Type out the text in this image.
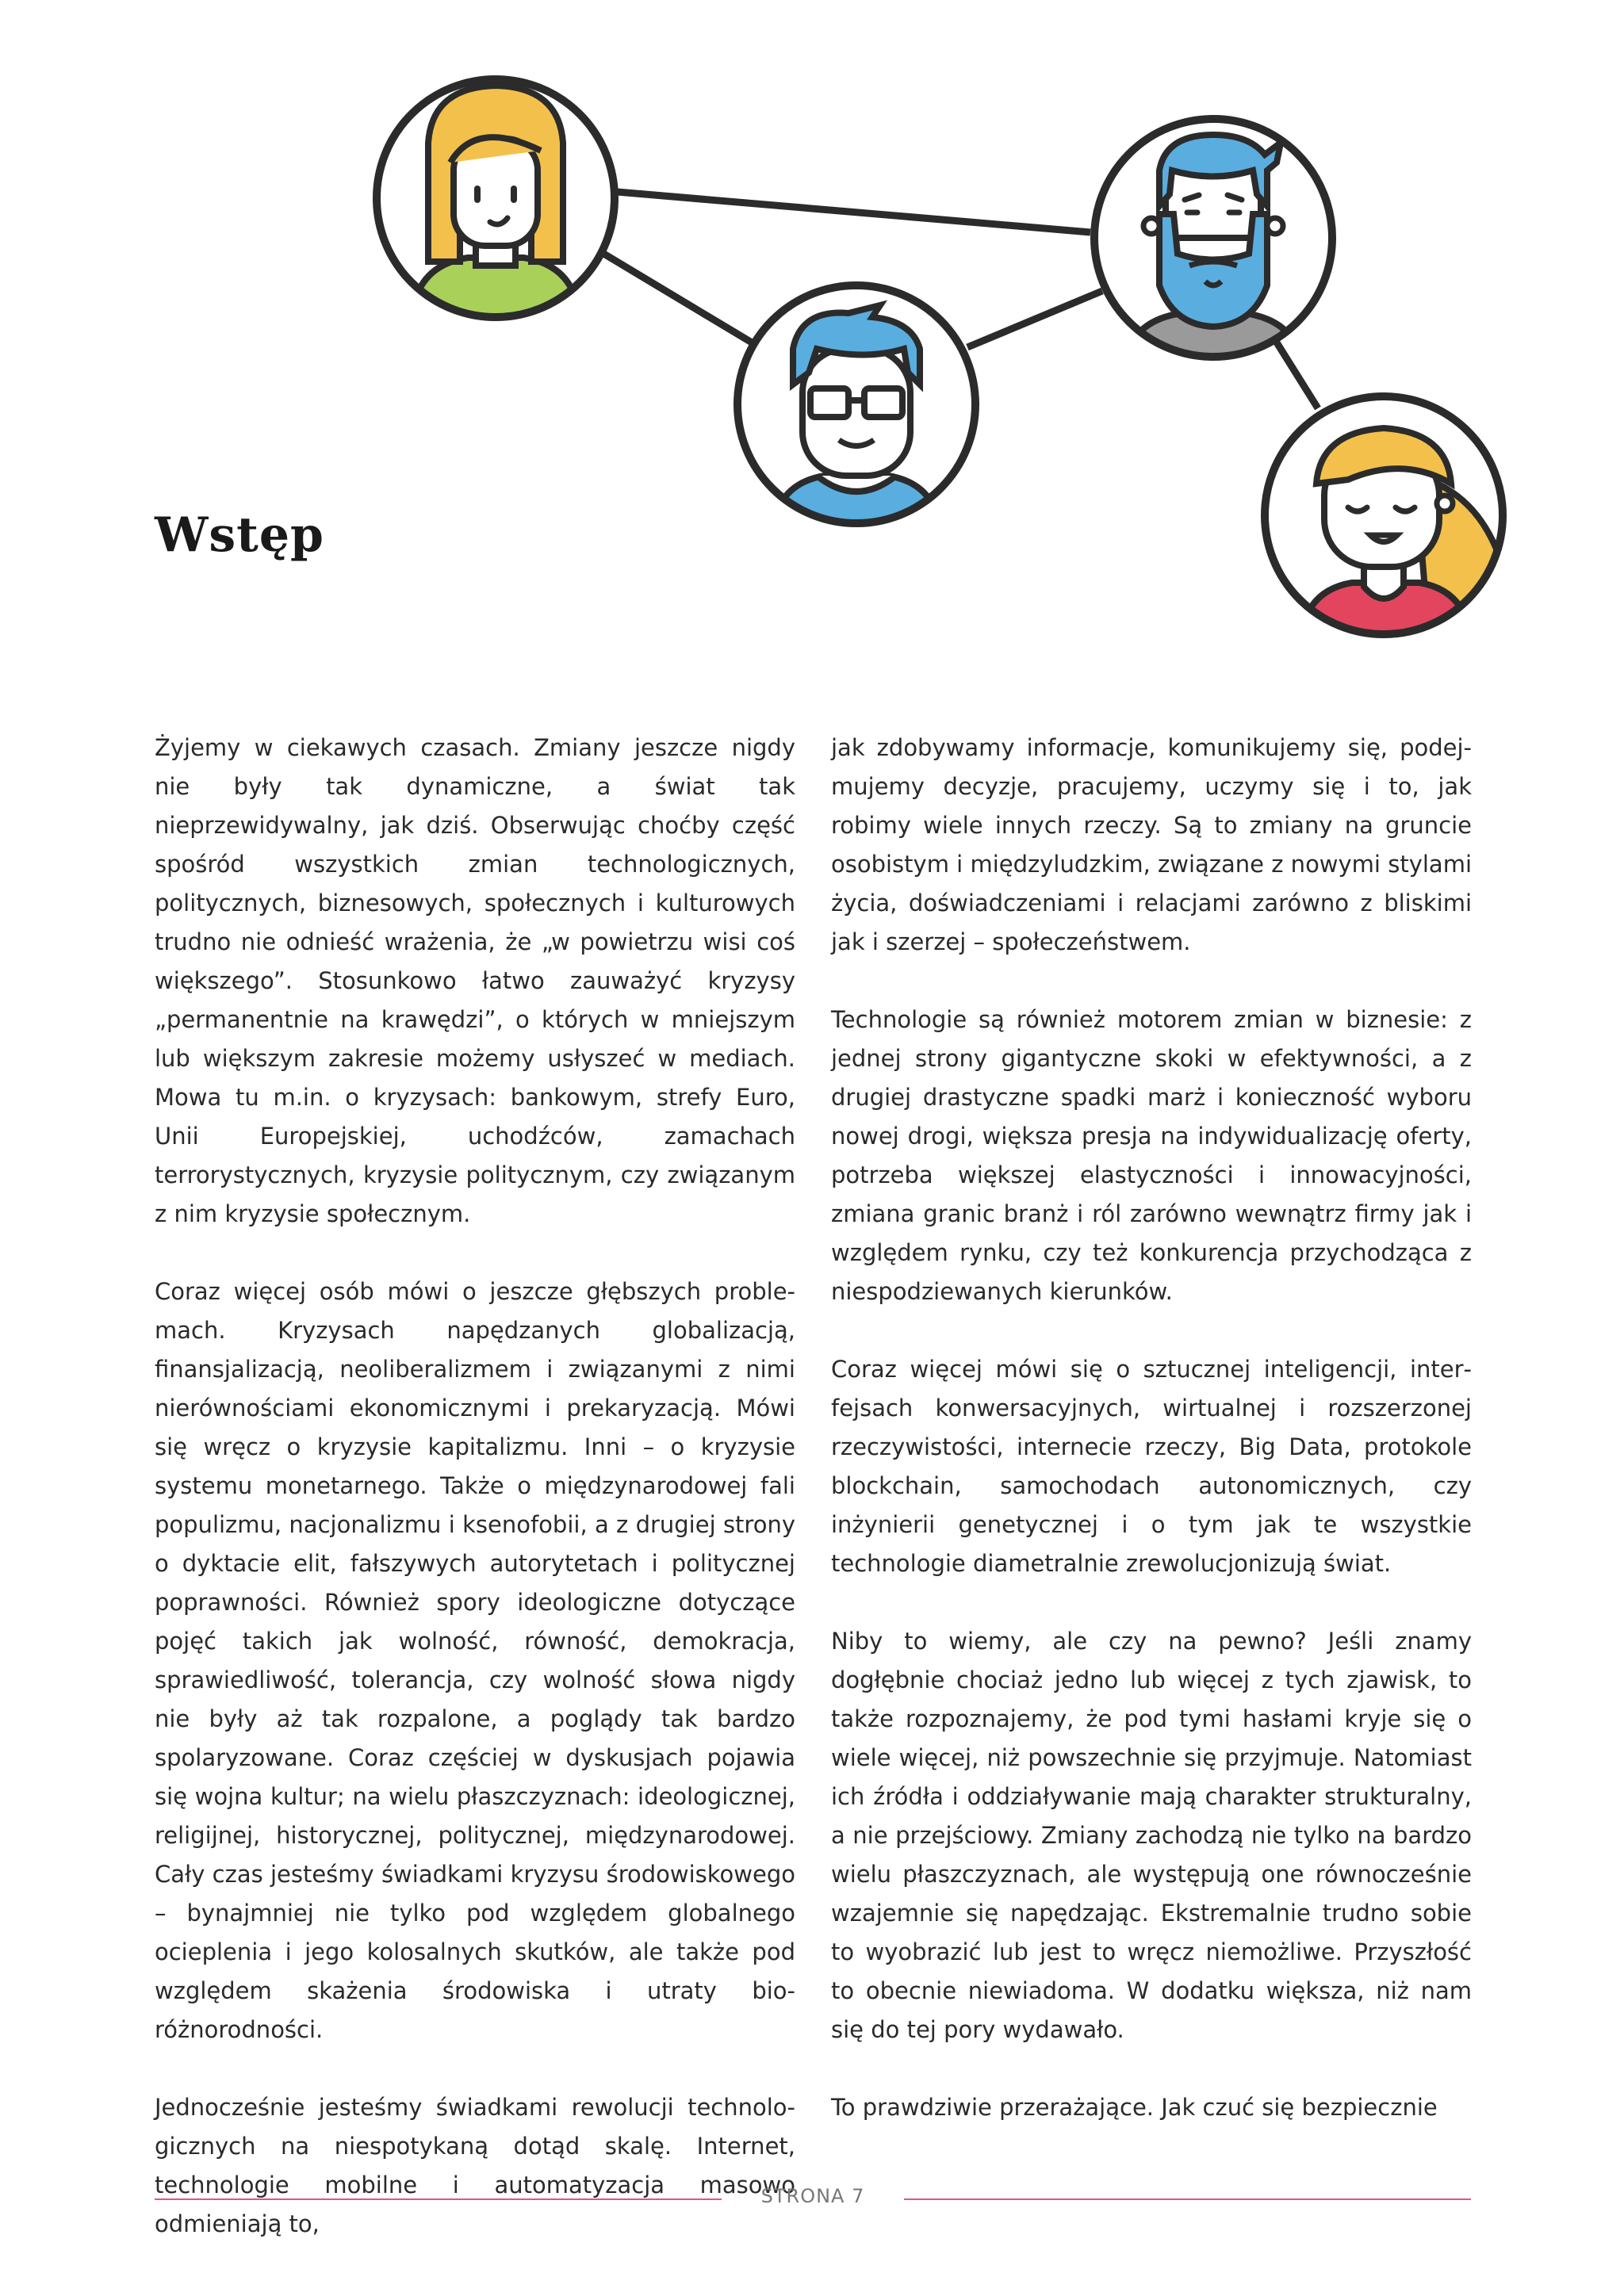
Wstęp

Żyjemy w ciekawych czasach. Zmiany jeszcze nigdy nie były tak dynamiczne, a świat tak nieprzewidywalny, jak dziś. Obserwując choćby część spośród wszystkich zmian technologicznych, politycznych, biznesowych, społecznych i kulturowych trudno nie odnieść wrażenia, że „w powietrzu wisi coś większego”. Stosunkowo łatwo zauważyć kryzysy „permanentnie na krawędzi”, o których w mniejszym lub większym zakresie możemy usłyszeć w mediach. Mowa tu m.in. o kryzysach: bankowym, strefy Euro, Unii Europejskiej, uchodźców, zamachach terrorystycznych, kryzysie politycznym, czy związanym z nim kryzysie społecznym.

Coraz więcej osób mówi o jeszcze głębszych problemach. Kryzysach napędzanych globalizacją, finansjalizacją, neoliberalizmem i związanymi z nimi nierównościami ekonomicznymi i prekaryzacją. Mówi się wręcz o kryzysie kapitalizmu. Inni – o kryzysie systemu monetarnego. Także o międzynarodowej fali populizmu, nacjonalizmu i ksenofobii, a z drugiej strony o dyktacie elit, fałszywych autorytetach i politycznej poprawności. Również spory ideologiczne dotyczące pojęć takich jak wolność, równość, demokracja, sprawiedliwość, tolerancja, czy wolność słowa nigdy nie były aż tak rozpalone, a poglądy tak bardzo spolaryzowane. Coraz częściej w dyskusjach pojawia się wojna kultur; na wielu płaszczyznach: ideologicznej, religijnej, historycznej, politycznej, międzynarodowej. Cały czas jesteśmy świadkami kryzysu środowiskowego – bynajmniej nie tylko pod względem globalnego ocieplenia i jego kolosalnych skutków, ale także pod względem skażenia środowiska i utraty bioróżnorodności.

Jednocześnie jesteśmy świadkami rewolucji technologicznych na niespotykaną dotąd skalę. Internet, technologie mobilne i automatyzacja masowo odmieniają to,

jak zdobywamy informacje, komunikujemy się, podejmujemy decyzje, pracujemy, uczymy się i to, jak robimy wiele innych rzeczy. Są to zmiany na gruncie osobistym i międzyludzkim, związane z nowymi stylami życia, doświadczeniami i relacjami zarówno z bliskimi jak i szerzej – społeczeństwem.

Technologie są również motorem zmian w biznesie: z jednej strony gigantyczne skoki w efektywności, a z drugiej drastyczne spadki marż i konieczność wyboru nowej drogi, większa presja na indywidualizację oferty, potrzeba większej elastyczności i innowacyjności, zmiana granic branż i ról zarówno wewnątrz firmy jak i względem rynku, czy też konkurencja przychodząca z niespodziewanych kierunków.

Coraz więcej mówi się o sztucznej inteligencji, interfejsach konwersacyjnych, wirtualnej i rozszerzonej rzeczywistości, internecie rzeczy, Big Data, protokole blockchain, samochodach autonomicznych, czy inżynierii genetycznej i o tym jak te wszystkie technologie diametralnie zrewolucjonizują świat.

Niby to wiemy, ale czy na pewno? Jeśli znamy dogłębnie chociaż jedno lub więcej z tych zjawisk, to także rozpoznajemy, że pod tymi hasłami kryje się o wiele więcej, niż powszechnie się przyjmuje. Natomiast ich źródła i oddziaływanie mają charakter strukturalny, a nie przejściowy. Zmiany zachodzą nie tylko na bardzo wielu płaszczyznach, ale występują one równocześnie wzajemnie się napędzając. Ekstremalnie trudno sobie to wyobrazić lub jest to wręcz niemożliwe. Przyszłość to obecnie niewiadoma. W dodatku większa, niż nam się do tej pory wydawało.

To prawdziwie przerażające. Jak czuć się bezpiecznie

STRONA 7
